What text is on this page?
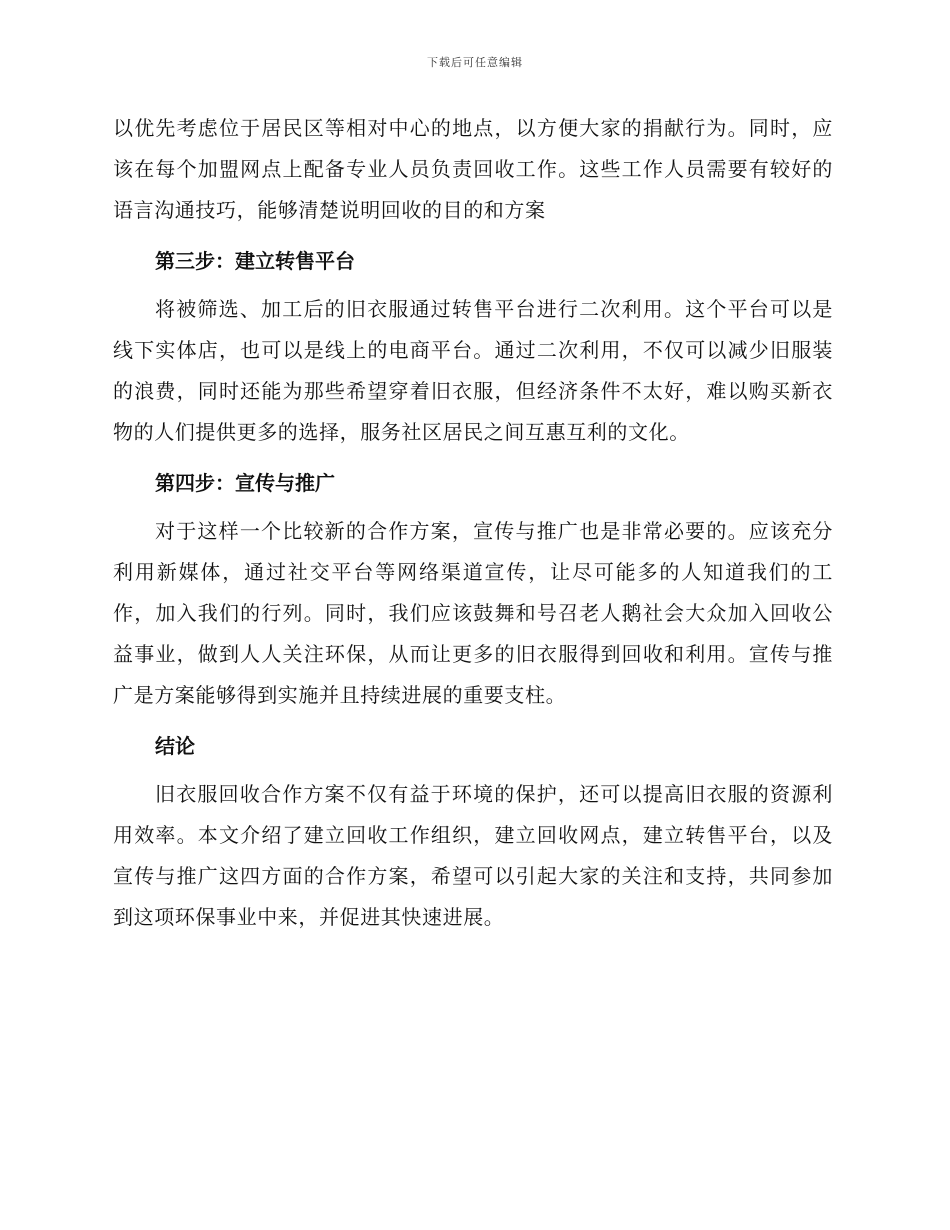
下载后可任意编辑

以优先考虑位于居民区等相对中心的地点，以方便大家的捐献行为。同时，应该在每个加盟网点上配备专业人员负责回收工作。这些工作人员需要有较好的语言沟通技巧，能够清楚说明回收的目的和方案

第三步：建立转售平台

将被筛选、加工后的旧衣服通过转售平台进行二次利用。这个平台可以是线下实体店，也可以是线上的电商平台。通过二次利用，不仅可以减少旧服装的浪费，同时还能为那些希望穿着旧衣服，但经济条件不太好，难以购买新衣物的人们提供更多的选择，服务社区居民之间互惠互利的文化。

第四步：宣传与推广

对于这样一个比较新的合作方案，宣传与推广也是非常必要的。应该充分利用新媒体，通过社交平台等网络渠道宣传，让尽可能多的人知道我们的工作，加入我们的行列。同时，我们应该鼓舞和号召老人鹅社会大众加入回收公益事业，做到人人关注环保，从而让更多的旧衣服得到回收和利用。宣传与推广是方案能够得到实施并且持续进展的重要支柱。

结论

旧衣服回收合作方案不仅有益于环境的保护，还可以提高旧衣服的资源利用效率。本文介绍了建立回收工作组织，建立回收网点，建立转售平台，以及宣传与推广这四方面的合作方案，希望可以引起大家的关注和支持，共同参加到这项环保事业中来，并促进其快速进展。
